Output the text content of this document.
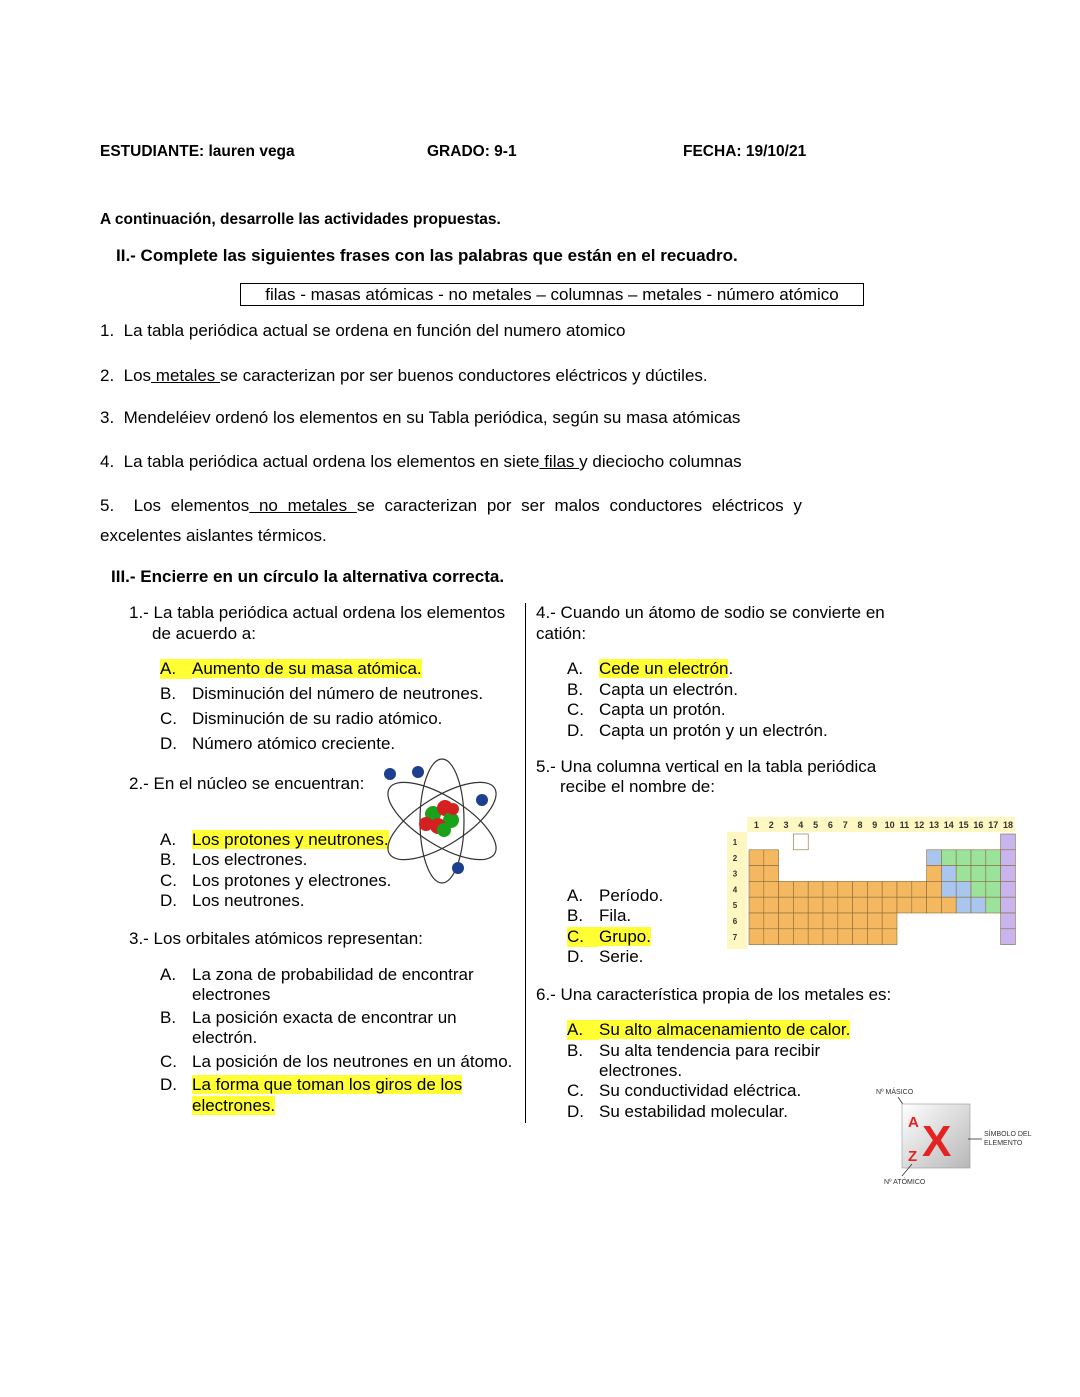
ESTUDIANTE: lauren vega	GRADO: 9-1	FECHA: 19/10/21
A continuación, desarrolle las actividades propuestas.
II.- Complete las siguientes frases con las palabras que están en el recuadro.
filas - masas atómicas - no metales – columnas – metales - número atómico
1. La tabla periódica actual se ordena en función del numero atomico
2. Los metales se caracterizan por ser buenos conductores eléctricos y dúctiles.
3. Mendeléiev ordenó los elementos en su Tabla periódica, según su masa atómicas
4. La tabla periódica actual ordena los elementos en siete filas y dieciocho columnas
5. Los elementos no metales se caracterizan por ser malos conductores eléctricos y
excelentes aislantes térmicos.
III.- Encierre en un círculo la alternativa correcta.
1.- La tabla periódica actual ordena los elementos
de acuerdo a:
A. Aumento de su masa atómica.
B. Disminución del número de neutrones.
C. Disminución de su radio atómico.
D. Número atómico creciente.
2.- En el núcleo se encuentran:
A. Los protones y neutrones.
B. Los electrones.
C. Los protones y electrones.
D. Los neutrones.
3.- Los orbitales atómicos representan:
A. La zona de probabilidad de encontrar
electrones
B. La posición exacta de encontrar un
electrón.
C. La posición de los neutrones en un átomo.
D. La forma que toman los giros de los
electrones.
4.- Cuando un átomo de sodio se convierte en
catión:
A. Cede un electrón.
B. Capta un electrón.
C. Capta un protón.
D. Capta un protón y un electrón.
5.- Una columna vertical en la tabla periódica
recibe el nombre de:
A. Períodо.
B. Fila.
C. Grupo.
D. Serie.
1 2 3 4 5 6 7 8 9 10 11 12 13 14 15 16 17 18
1
2
3
4
5
6
7
6.- Una característica propia de los metales es:
A. Su alto almacenamiento de calor.
B. Su alta tendencia para recibir
electrones.
C. Su conductividad eléctrica.
D. Su estabilidad molecular.
Nº MÁSICO
A
Z X	SÍMBOLO DEL
ELEMENTO
Nº ATÓMICO
